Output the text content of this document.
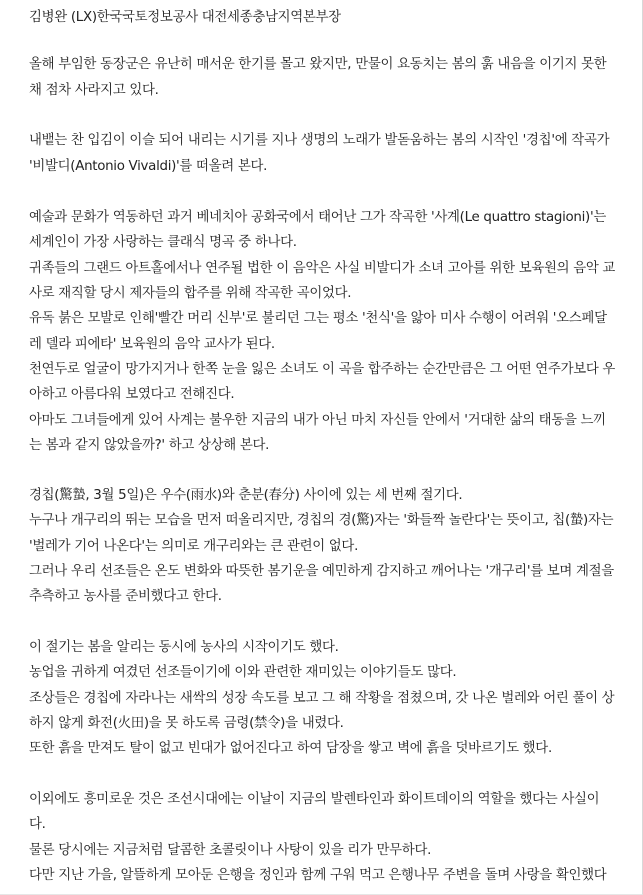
김병완 (LX)한국국토정보공사 대전세종충남지역본부장
올해 부임한 동장군은 유난히 매서운 한기를 몰고 왔지만, 만물이 요동치는 봄의 훍 내음을 이기지 못한
채 점차 사라지고 있다.
내뱉는 찬 입김이 이슬 되어 내리는 시기를 지나 생명의 노래가 발돋움하는 봄의 시작인 '경칩'에 작곡가
'비발디(Antonio Vivaldi)'를 떠올려 본다.
예술과 문화가 역동하던 과거 베네치아 공화국에서 태어난 그가 작곡한 '사계(Le quattro stagioni)'는
세계인이 가장 사랑하는 클래식 명곡 중 하나다.
귀족들의 그랜드 아트홀에서나 연주될 법한 이 음악은 사실 비발디가 소녀 고아를 위한 보육원의 음악 교
사로 재직할 당시 제자들의 합주를 위해 작곡한 곡이었다.
유독 붉은 모발로 인해'빨간 머리 신부'로 불리던 그는 평소 '천식'을 앓아 미사 수행이 어려워 '오스페달
레 델라 피에타' 보육원의 음악 교사가 된다.
천연두로 얼굴이 망가지거나 한쪽 눈을 잃은 소녀도 이 곡을 합주하는 순간만큼은 그 어떤 연주가보다 우
아하고 아름다워 보였다고 전해진다.
아마도 그녀들에게 있어 사계는 불우한 지금의 내가 아닌 마치 자신들 안에서 '거대한 삶의 태동을 느끼
는 봄과 같지 않았을까?' 하고 상상해 본다.
경칩(驚蟄, 3월 5일)은 우수(雨水)와 춘분(春分) 사이에 있는 세 번째 절기다.
누구나 개구리의 뛰는 모습을 먼저 떠올리지만, 경칩의 경(驚)자는 '화들짝 놀란다'는 뜻이고, 칩(蟄)자는
'벌레가 기어 나온다'는 의미로 개구리와는 큰 관련이 없다.
그러나 우리 선조들은 온도 변화와 따뜻한 봄기운을 예민하게 감지하고 깨어나는 '개구리'를 보며 계절을
추측하고 농사를 준비했다고 한다.
이 절기는 봄을 알리는 동시에 농사의 시작이기도 했다.
농업을 귀하게 여겼던 선조들이기에 이와 관련한 재미있는 이야기들도 많다.
조상들은 경칩에 자라나는 새싹의 성장 속도를 보고 그 해 작황을 점쳤으며, 갓 나온 벌레와 어린 풀이 상
하지 않게 화전(火田)을 못 하도록 금령(禁令)을 내렸다.
또한 흙을 만져도 탈이 없고 빈대가 없어진다고 하여 담장을 쌓고 벽에 흙을 덧바르기도 했다.
이외에도 흥미로운 것은 조선시대에는 이날이 지금의 발렌타인과 화이트데이의 역할을 했다는 사실이
다.
물론 당시에는 지금처럼 달콤한 초콜릿이나 사탕이 있을 리가 만무하다.
다만 지난 가을, 알뜰하게 모아둔 은행을 정인과 함께 구워 먹고 은행나무 주변을 돌며 사랑을 확인했다
